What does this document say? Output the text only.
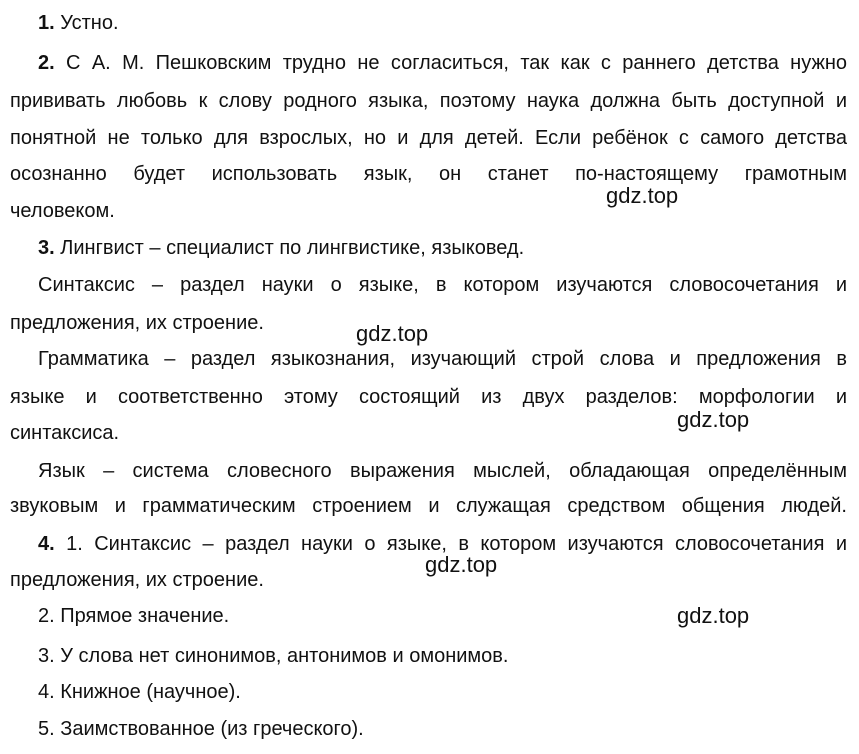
1. Устно.
2. С А. М. Пешковским трудно не согласиться, так как с раннего детства нужно
прививать любовь к слову родного языка, поэтому наука должна быть доступной и
понятной не только для взрослых, но и для детей. Если ребёнок с самого детства
осознанно будет использовать язык, он станет по-настоящему грамотным
человеком.
3. Лингвист – специалист по лингвистике, языковед.
Синтаксис – раздел науки о языке, в котором изучаются словосочетания и
предложения, их строение.
Грамматика – раздел языкознания, изучающий строй слова и предложения в
языке и соответственно этому состоящий из двух разделов: морфологии и
синтаксиса.
Язык – система словесного выражения мыслей, обладающая определённым
звуковым и грамматическим строением и служащая средством общения людей.
4. 1. Синтаксис – раздел науки о языке, в котором изучаются словосочетания и
предложения, их строение.
2. Прямое значение.
3. У слова нет синонимов, антонимов и омонимов.
4. Книжное (научное).
5. Заимствованное (из греческого).
gdz.top
gdz.top
gdz.top
gdz.top
gdz.top
